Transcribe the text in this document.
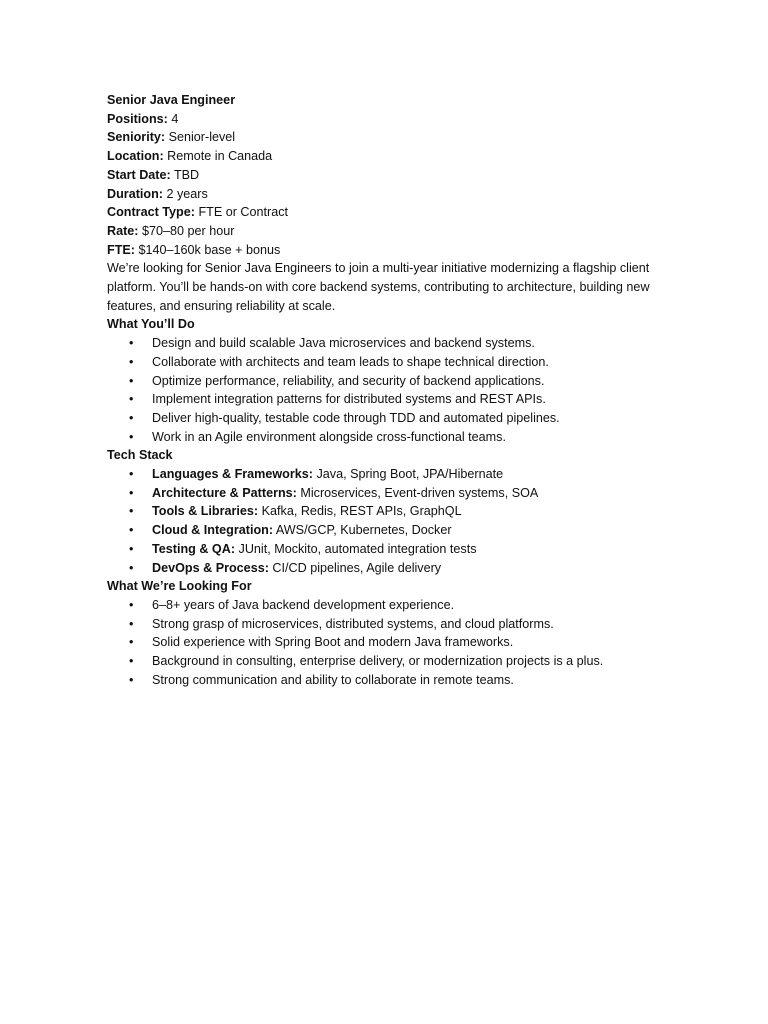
Senior Java Engineer

Positions: 4

Seniority: Senior-level

Location: Remote in Canada

Start Date: TBD

Duration: 2 years

Contract Type: FTE or Contract

Rate: $70–80 per hour

FTE: $140–160k base + bonus

We’re looking for Senior Java Engineers to join a multi-year initiative modernizing a flagship client platform. You’ll be hands-on with core backend systems, contributing to architecture, building new features, and ensuring reliability at scale.

What You’ll Do

• Design and build scalable Java microservices and backend systems.
• Collaborate with architects and team leads to shape technical direction.
• Optimize performance, reliability, and security of backend applications.
• Implement integration patterns for distributed systems and REST APIs.
• Deliver high-quality, testable code through TDD and automated pipelines.
• Work in an Agile environment alongside cross-functional teams.

Tech Stack

• Languages & Frameworks: Java, Spring Boot, JPA/Hibernate
• Architecture & Patterns: Microservices, Event-driven systems, SOA
• Tools & Libraries: Kafka, Redis, REST APIs, GraphQL
• Cloud & Integration: AWS/GCP, Kubernetes, Docker
• Testing & QA: JUnit, Mockito, automated integration tests
• DevOps & Process: CI/CD pipelines, Agile delivery

What We’re Looking For

• 6–8+ years of Java backend development experience.
• Strong grasp of microservices, distributed systems, and cloud platforms.
• Solid experience with Spring Boot and modern Java frameworks.
• Background in consulting, enterprise delivery, or modernization projects is a plus.
• Strong communication and ability to collaborate in remote teams.
